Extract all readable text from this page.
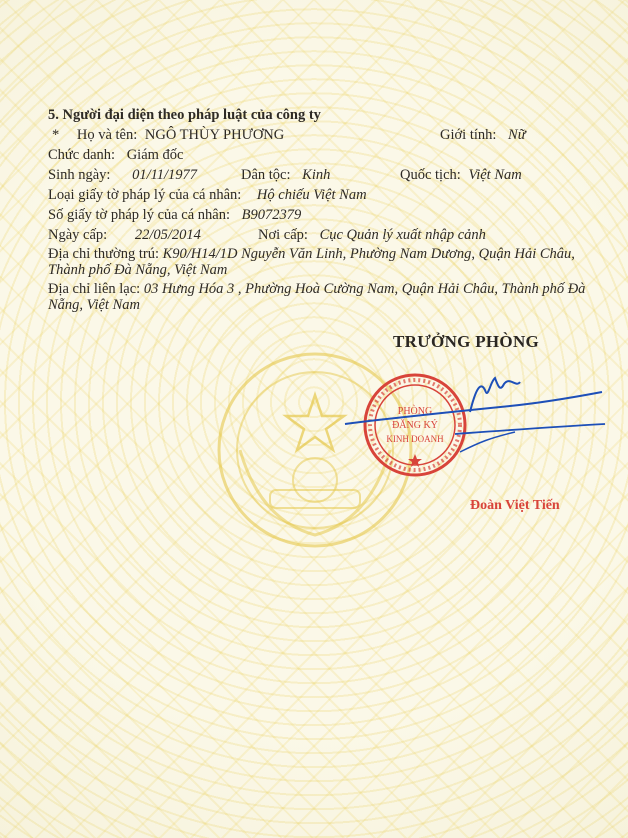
5. Người đại diện theo pháp luật của công ty
* Họ và tên: NGÔ THÙY PHƯƠNG	Giới tính: Nữ
Chức danh: Giám đốc
Sinh ngày: 01/11/1977	Dân tộc: Kinh	Quốc tịch: Việt Nam
Loại giấy tờ pháp lý của cá nhân: Hộ chiếu Việt Nam
Số giấy tờ pháp lý của cá nhân: B9072379
Ngày cấp: 22/05/2014	Nơi cấp: Cục Quản lý xuất nhập cảnh
Địa chỉ thường trú: K90/H14/1D Nguyễn Văn Linh, Phường Nam Dương, Quận Hải Châu, Thành phố Đà Nẵng, Việt Nam
Địa chỉ liên lạc: 03 Hưng Hóa 3 , Phường Hoà Cường Nam, Quận Hải Châu, Thành phố Đà Nẵng, Việt Nam
TRƯỞNG PHÒNG
PHÒNG
ĐĂNG KÝ
KINH DOANH
Đoàn Việt Tiến
